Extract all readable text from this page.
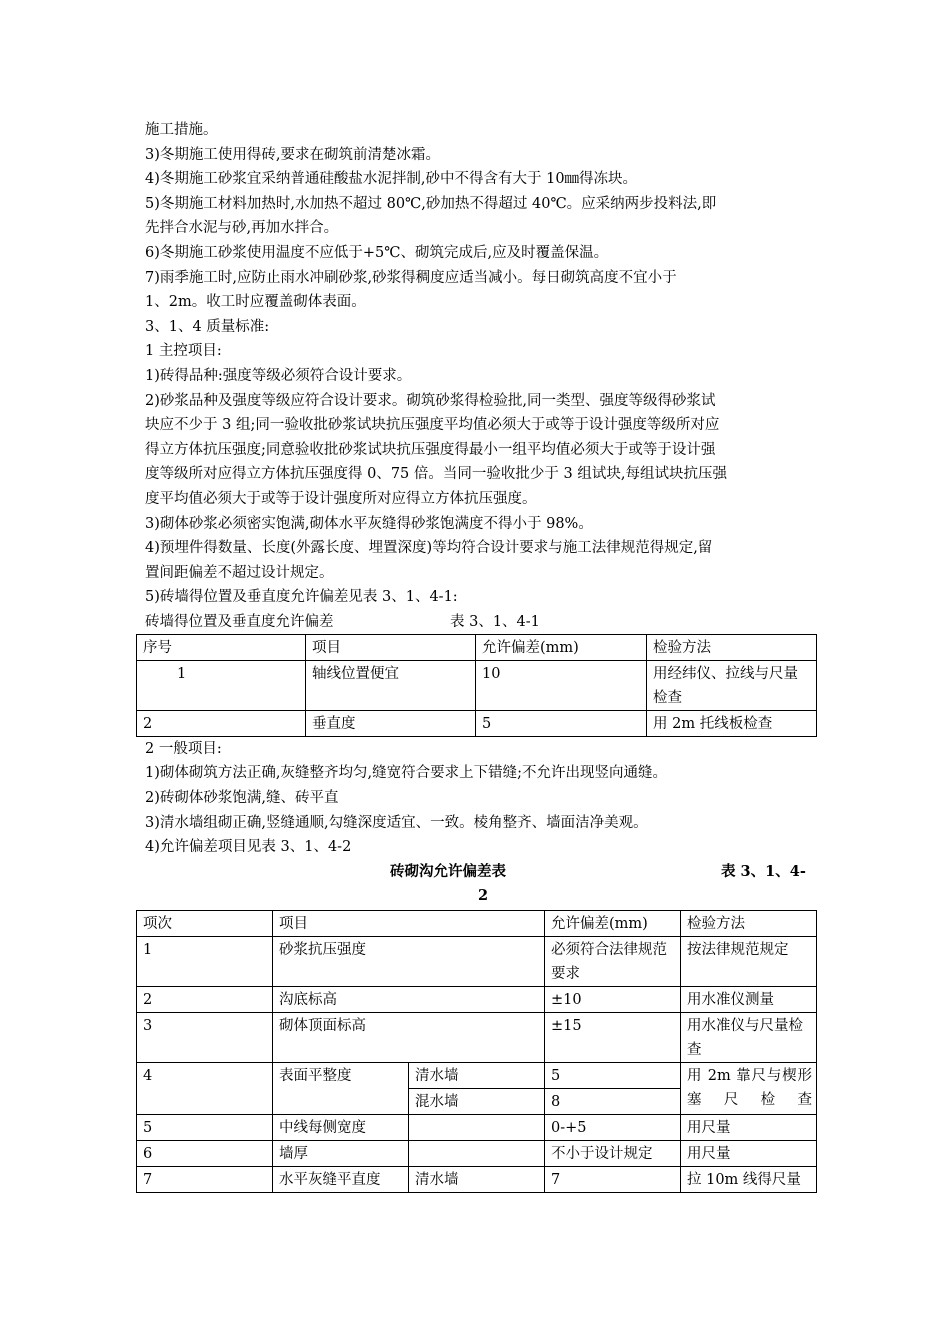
施工措施。

3)冬期施工使用得砖,要求在砌筑前清楚冰霜。

4)冬期施工砂浆宜采纳普通硅酸盐水泥拌制,砂中不得含有大于 10㎜得冻块。

5)冬期施工材料加热时,水加热不超过 80℃,砂加热不得超过 40℃。应采纳两步投料法,即

先拌合水泥与砂,再加水拌合。

6)冬期施工砂浆使用温度不应低于+5℃、砌筑完成后,应及时覆盖保温。

7)雨季施工时,应防止雨水冲刷砂浆,砂浆得稠度应适当减小。每日砌筑高度不宜小于

1、2m。收工时应覆盖砌体表面。

3、1、4 质量标准:

1 主控项目:

1)砖得品种:强度等级必须符合设计要求。

2)砂浆品种及强度等级应符合设计要求。砌筑砂浆得检验批,同一类型、强度等级得砂浆试

块应不少于 3 组;同一验收批砂浆试块抗压强度平均值必须大于或等于设计强度等级所对应

得立方体抗压强度;同意验收批砂浆试块抗压强度得最小一组平均值必须大于或等于设计强

度等级所对应得立方体抗压强度得 0、75 倍。当同一验收批少于 3 组试块,每组试块抗压强

度平均值必须大于或等于设计强度所对应得立方体抗压强度。

3)砌体砂浆必须密实饱满,砌体水平灰缝得砂浆饱满度不得小于 98%。

4)预埋件得数量、长度(外露长度、埋置深度)等均符合设计要求与施工法律规范得规定,留

置间距偏差不超过设计规定。

5)砖墙得位置及垂直度允许偏差见表 3、1、4-1:

砖墙得位置及垂直度允许偏差	表 3、1、4-1
序号	项目	允许偏差(mm)	检验方法
1	轴线位置便宜	10	用经纬仪、拉线与尺量检查
2	垂直度	5	用 2m 托线板检查

2 一般项目:

1)砌体砌筑方法正确,灰缝整齐均匀,缝宽符合要求上下错缝;不允许出现竖向通缝。

2)砖砌体砂浆饱满,缝、砖平直

3)清水墙组砌正确,竖缝通顺,勾缝深度适宜、一致。棱角整齐、墙面洁净美观。

4)允许偏差项目见表 3、1、4-2

砖砌沟允许偏差表	表 3、1、4-
2
项次	项目		允许偏差(mm)	检验方法
1	砂浆抗压强度		必须符合法律规范要求	按法律规范规定
2	沟底标高		±10	用水准仪测量
3	砌体顶面标高		±15	用水准仪与尺量检查
4	表面平整度	清水墙	5	用 2m 靠尺与楔形塞尺检查
		混水墙	8	
5	中线每侧宽度		0-+5	用尺量
6	墙厚		不小于设计规定	用尺量
7	水平灰缝平直度	清水墙	7	拉 10m 线得尺量
